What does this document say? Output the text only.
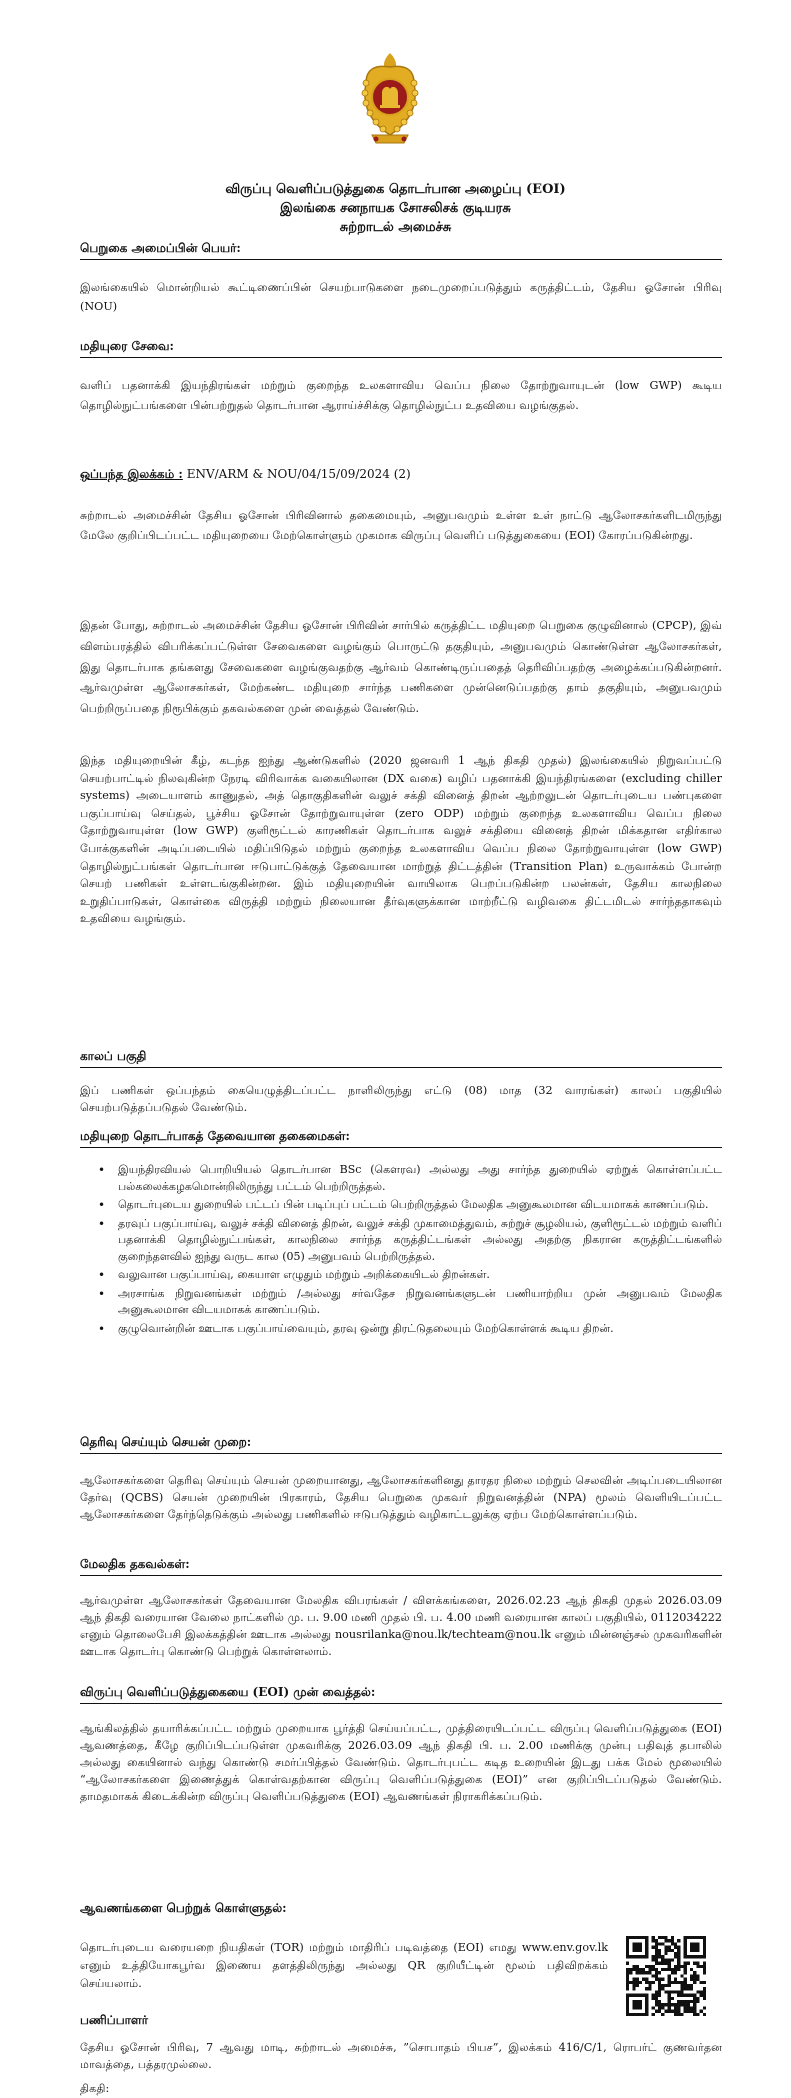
விருப்பு வெளிப்படுத்துகை தொடர்பான அழைப்பு (EOI)
இலங்கை சனநாயக சோசலிசக் குடியரசு
சுற்றாடல் அமைச்சு
பெறுகை அமைப்பின் பெயர்:

இலங்கையில் மொன்றியல் கூட்டிணைப்பின் செயற்பாடுகளை நடைமுறைப்படுத்தும் கருத்திட்டம், தேசிய ஓசோன் பிரிவு (NOU)

மதியுரை சேவை:

வளிப் பதனாக்கி இயந்திரங்கள் மற்றும் குறைந்த உலகளாவிய வெப்ப நிலை தோற்றுவாயுடன் (low GWP) கூடிய தொழில்நுட்பங்களை பின்பற்றுதல் தொடர்பான ஆராய்ச்சிக்கு தொழில்நுட்ப உதவியை வழங்குதல்.

ஒப்பந்த இலக்கம் : ENV/ARM & NOU/04/15/09/2024 (2)

சுற்றாடல் அமைச்சின் தேசிய ஓசோன் பிரிவினால் தகைமையும், அனுபவமும் உள்ள உள் நாட்டு ஆலோசகர்களிடமிருந்து மேலே குறிப்பிடப்பட்ட மதியுறையை மேற்கொள்ளும் முகமாக விருப்பு வெளிப் படுத்துகையை (EOI) கோரப்படுகின்றது.

இதன் போது, சுற்றாடல் அமைச்சின் தேசிய ஓசோன் பிரிவின் சார்பில் கருத்திட்ட மதியுறை பெறுகை குழுவினால் (CPCP), இவ் விளம்பரத்தில் விபரிக்கப்பட்டுள்ள சேவைகளை வழங்கும் பொருட்டு தகுதியும், அனுபவமும் கொண்டுள்ள ஆலோசகர்கள், இது தொடர்பாக தங்களது சேவைகளை வழங்குவதற்கு ஆர்வம் கொண்டிருப்பதைத் தெரிவிப்பதற்கு அழைக்கப்படுகின்றனர். ஆர்வமுள்ள ஆலோசகர்கள், மேற்கண்ட மதியுறை சார்ந்த பணிகளை முன்னெடுப்பதற்கு தாம் தகுதியும், அனுபவமும் பெற்றிருப்பதை நிரூபிக்கும் தகவல்களை முன் வைத்தல் வேண்டும்.

இந்த மதியுறையின் கீழ், கடந்த ஐந்து ஆண்டுகளில் (2020 ஜனவரி 1 ஆந் திகதி முதல்) இலங்கையில் நிறுவப்பட்டு செயற்பாட்டில் நிலவுகின்ற நேரடி விரிவாக்க வகையிலான (DX வகை) வழிப் பதனாக்கி இயந்திரங்களை (excluding chiller systems) அடையாளம் காணுதல், அத் தொகுதிகளின் வலுச் சக்தி வினைத் திறன் ஆற்றலுடன் தொடர்புடைய பண்புகளை பகுப்பாய்வு செய்தல், பூச்சிய ஓசோன் தோற்றுவாயுள்ள (zero ODP) மற்றும் குறைந்த உலகளாவிய வெப்ப நிலை தோற்றுவாயுள்ள (low GWP) குளிரூட்டல் காரணிகள் தொடர்பாக வலுச் சக்தியை வினைத் திறன் மிக்கதான எதிர்கால போக்குகளின் அடிப்படையில் மதிப்பிடுதல் மற்றும் குறைந்த உலகளாவிய வெப்ப நிலை தோற்றுவாயுள்ள (low GWP) தொழில்நுட்பங்கள் தொடர்பான ஈடுபாட்டுக்குத் தேவையான மாற்றுத் திட்டத்தின் (Transition Plan) உருவாக்கம் போன்ற செயற் பணிகள் உள்ளடங்குகின்றன. இம் மதியுறையின் வாயிலாக பெறப்படுகின்ற பலன்கள், தேசிய காலநிலை உறுதிப்பாடுகள், கொள்கை விருத்தி மற்றும் நிலையான தீர்வுகளுக்கான மாற்றீட்டு வழிவகை திட்டமிடல் சார்ந்ததாகவும் உதவியை வழங்கும்.

காலப் பகுதி

இப் பணிகள் ஒப்பந்தம் கையெழுத்திடப்பட்ட நாளிலிருந்து எட்டு (08) மாத (32 வாரங்கள்) காலப் பகுதியில் செயற்படுத்தப்படுதல் வேண்டும்.

மதியுறை தொடர்பாகத் தேவையான தகைமைகள்:
• இயந்திரவியல் பொறியியல் தொடர்பான BSc (கௌரவ) அல்லது அது சார்ந்த துறையில் ஏற்றுக் கொள்ளப்பட்ட பல்கலைக்கழகமொன்றிலிருந்து பட்டம் பெற்றிருத்தல்.
• தொடர்புடைய துறையில் பட்டப் பின் படிப்புப் பட்டம் பெற்றிருத்தல் மேலதிக அனுகூலமான விடயமாகக் காணப்படும்.
• தரவுப் பகுப்பாய்வு, வலுச் சக்தி வினைத் திறன், வலுச் சக்தி முகாமைத்துவம், சுற்றுச் சூழலியல், குளிரூட்டல் மற்றும் வளிப் பதனாக்கி தொழில்நுட்பங்கள், காலநிலை சார்ந்த கருத்திட்டங்கள் அல்லது அதற்கு நிகரான கருத்திட்டங்களில் குறைந்தளவில் ஐந்து வருட கால (05) அனுபவம் பெற்றிருத்தல்.
• வலுவான பகுப்பாய்வு, கையாள எழுதும் மற்றும் அறிக்கையிடல் திறன்கள்.
• அரசாங்க நிறுவனங்கள் மற்றும் /அல்லது சர்வதேச நிறுவனங்களுடன் பணியாற்றிய முன் அனுபவம் மேலதிக அனுகூலமான விடயமாகக் காணப்படும்.
• குழுவொன்றின் ஊடாக பகுப்பாய்வையும், தரவு ஒன்று திரட்டுதலையும் மேற்கொள்ளக் கூடிய திறன்.
தெரிவு செய்யும் செயன் முறை:

ஆலோசகர்களை தெரிவு செய்யும் செயன் முறையானது, ஆலோசகர்களினது தாரதர நிலை மற்றும் செலவின் அடிப்படையிலான தேர்வு (QCBS) செயன் முறையின் பிரகாரம், தேசிய பெறுகை முகவர் நிறுவனத்தின் (NPA) மூலம் வெளியிடப்பட்ட ஆலோசகர்களை தேர்ந்தெடுக்கும் அல்லது பணிகளில் ஈடுபடுத்தும் வழிகாட்டலுக்கு ஏற்ப மேற்கொள்ளப்படும்.

மேலதிக தகவல்கள்:

ஆர்வமுள்ள ஆலோசகர்கள் தேவையான மேலதிக விபரங்கள் / விளக்கங்களை, 2026.02.23 ஆந் திகதி முதல் 2026.03.09 ஆந் திகதி வரையான வேலை நாட்களில் மு. ப. 9.00 மணி முதல் பி. ப. 4.00 மணி வரையான காலப் பகுதியில், 0112034222 எனும் தொலைபேசி இலக்கத்தின் ஊடாக அல்லது nousrilanka@nou.lk/techteam@nou.lk எனும் மின்னஞ்சல் முகவரிகளின் ஊடாக தொடர்பு கொண்டு பெற்றுக் கொள்ளலாம்.

விருப்பு வெளிப்படுத்துகையை (EOI) முன் வைத்தல்:

ஆங்கிலத்தில் தயாரிக்கப்பட்ட மற்றும் முறையாக பூர்த்தி செய்யப்பட்ட, முத்திரையிடப்பட்ட விருப்பு வெளிப்படுத்துகை (EOI) ஆவணத்தை, கீழே குறிப்பிடப்படுள்ள முகவரிக்கு 2026.03.09 ஆந் திகதி பி. ப. 2.00 மணிக்கு முன்பு பதிவுத் தபாலில் அல்லது கையினால் வந்து கொண்டு சமர்ப்பித்தல் வேண்டும். தொடர்புபட்ட கடித உறையின் இடது பக்க மேல் மூலையில் “ஆலோசகர்களை இணைத்துக் கொள்வதற்கான விருப்பு வெளிப்படுத்துகை (EOI)” என குறிப்பிடப்படுதல் வேண்டும். தாமதமாகக் கிடைக்கின்ற விருப்பு வெளிப்படுத்துகை (EOI) ஆவணங்கள் நிராகரிக்கப்படும்.

ஆவணங்களை பெற்றுக் கொள்ளுதல்:

தொடர்புடைய வரையறை நியதிகள் (TOR) மற்றும் மாதிரிப் படிவத்தை (EOI) எமது www.env.gov.lk எனும் உத்தியோகபூர்வ இணைய தளத்திலிருந்து அல்லது QR குறியீட்டின் மூலம் பதிவிறக்கம் செய்யலாம்.

பணிப்பாளர்

தேசிய ஓசோன் பிரிவு, 7 ஆவது மாடி, சுற்றாடல் அமைச்சு, ”சொபாதம் பியச”, இலக்கம் 416/C/1, ரொபர்ட் குணவர்தன மாவத்தை, பத்தரமுல்லை.

திகதி:
